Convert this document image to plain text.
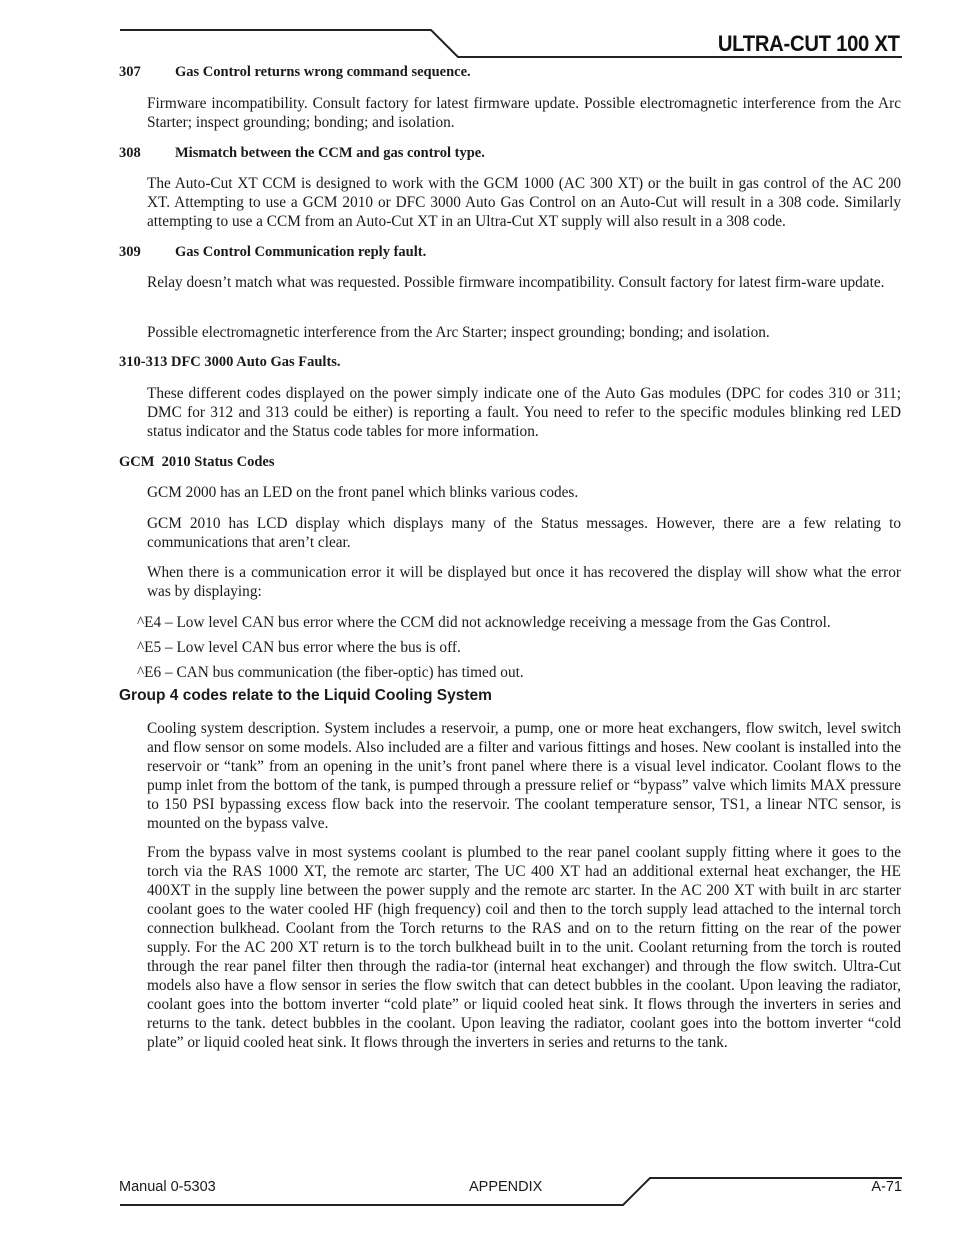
ULTRA-CUT 100 XT
307 Gas Control returns wrong command sequence.
Firmware incompatibility. Consult factory for latest firmware update. Possible electromagnetic interference from the Arc Starter; inspect grounding; bonding; and isolation.
308 Mismatch between the CCM and gas control type.
The Auto-Cut XT CCM is designed to work with the GCM 1000 (AC 300 XT) or the built in gas control of the AC 200 XT. Attempting to use a GCM 2010 or DFC 3000 Auto Gas Control on an Auto-Cut will result in a 308 code. Similarly attempting to use a CCM from an Auto-Cut XT in an Ultra-Cut XT supply will also result in a 308 code.
309 Gas Control Communication reply fault.
Relay doesn’t match what was requested. Possible firmware incompatibility. Consult factory for latest firm-ware update.
Possible electromagnetic interference from the Arc Starter; inspect grounding; bonding; and isolation.
310-313 DFC 3000 Auto Gas Faults.
These different codes displayed on the power simply indicate one of the Auto Gas modules (DPC for codes 310 or 311; DMC for 312 and 313 could be either) is reporting a fault. You need to refer to the specific modules blinking red LED status indicator and the Status code tables for more information.
GCM  2010 Status Codes
GCM 2000 has an LED on the front panel which blinks various codes.
GCM 2010 has LCD display which displays many of the Status messages. However, there are a few relating to communications that aren’t clear.
When there is a communication error it will be displayed but once it has recovered the display will show what the error was by displaying:
^E4 – Low level CAN bus error where the CCM did not acknowledge receiving a message from the Gas Control.
^E5 – Low level CAN bus error where the bus is off.
^E6 – CAN bus communication (the fiber-optic) has timed out.
Group 4 codes relate to the Liquid Cooling System
Cooling system description. System includes a reservoir, a pump, one or more heat exchangers, flow switch, level switch and flow sensor on some models. Also included are a filter and various fittings and hoses. New coolant is installed into the reservoir or “tank” from an opening in the unit’s front panel where there is a visual level indicator. Coolant flows to the pump inlet from the bottom of the tank, is pumped through a pressure relief or “bypass” valve which limits MAX pressure to 150 PSI bypassing excess flow back into the reservoir. The coolant temperature sensor, TS1, a linear NTC sensor, is mounted on the bypass valve.
From the bypass valve in most systems coolant is plumbed to the rear panel coolant supply fitting where it goes to the torch via the RAS 1000 XT, the remote arc starter, The UC 400 XT had an additional external heat exchanger, the HE 400XT in the supply line between the power supply and the remote arc starter. In the AC 200 XT with built in arc starter coolant goes to the water cooled HF (high frequency) coil and then to the torch supply lead attached to the internal torch connection bulkhead. Coolant from the Torch returns to the RAS and on to the return fitting on the rear of the power supply. For the AC 200 XT return is to the torch bulkhead built in to the unit. Coolant returning from the torch is routed through the rear panel filter then through the radia-tor (internal heat exchanger) and through the flow switch. Ultra-Cut models also have a flow sensor in series the flow switch that can detect bubbles in the coolant. Upon leaving the radiator, coolant goes into the bottom inverter “cold plate” or liquid cooled heat sink. It flows through the inverters in series and returns to the tank. detect bubbles in the coolant. Upon leaving the radiator, coolant goes into the bottom inverter “cold plate” or liquid cooled heat sink. It flows through the inverters in series and returns to the tank.
Manual 0-5303	APPENDIX	A-71
